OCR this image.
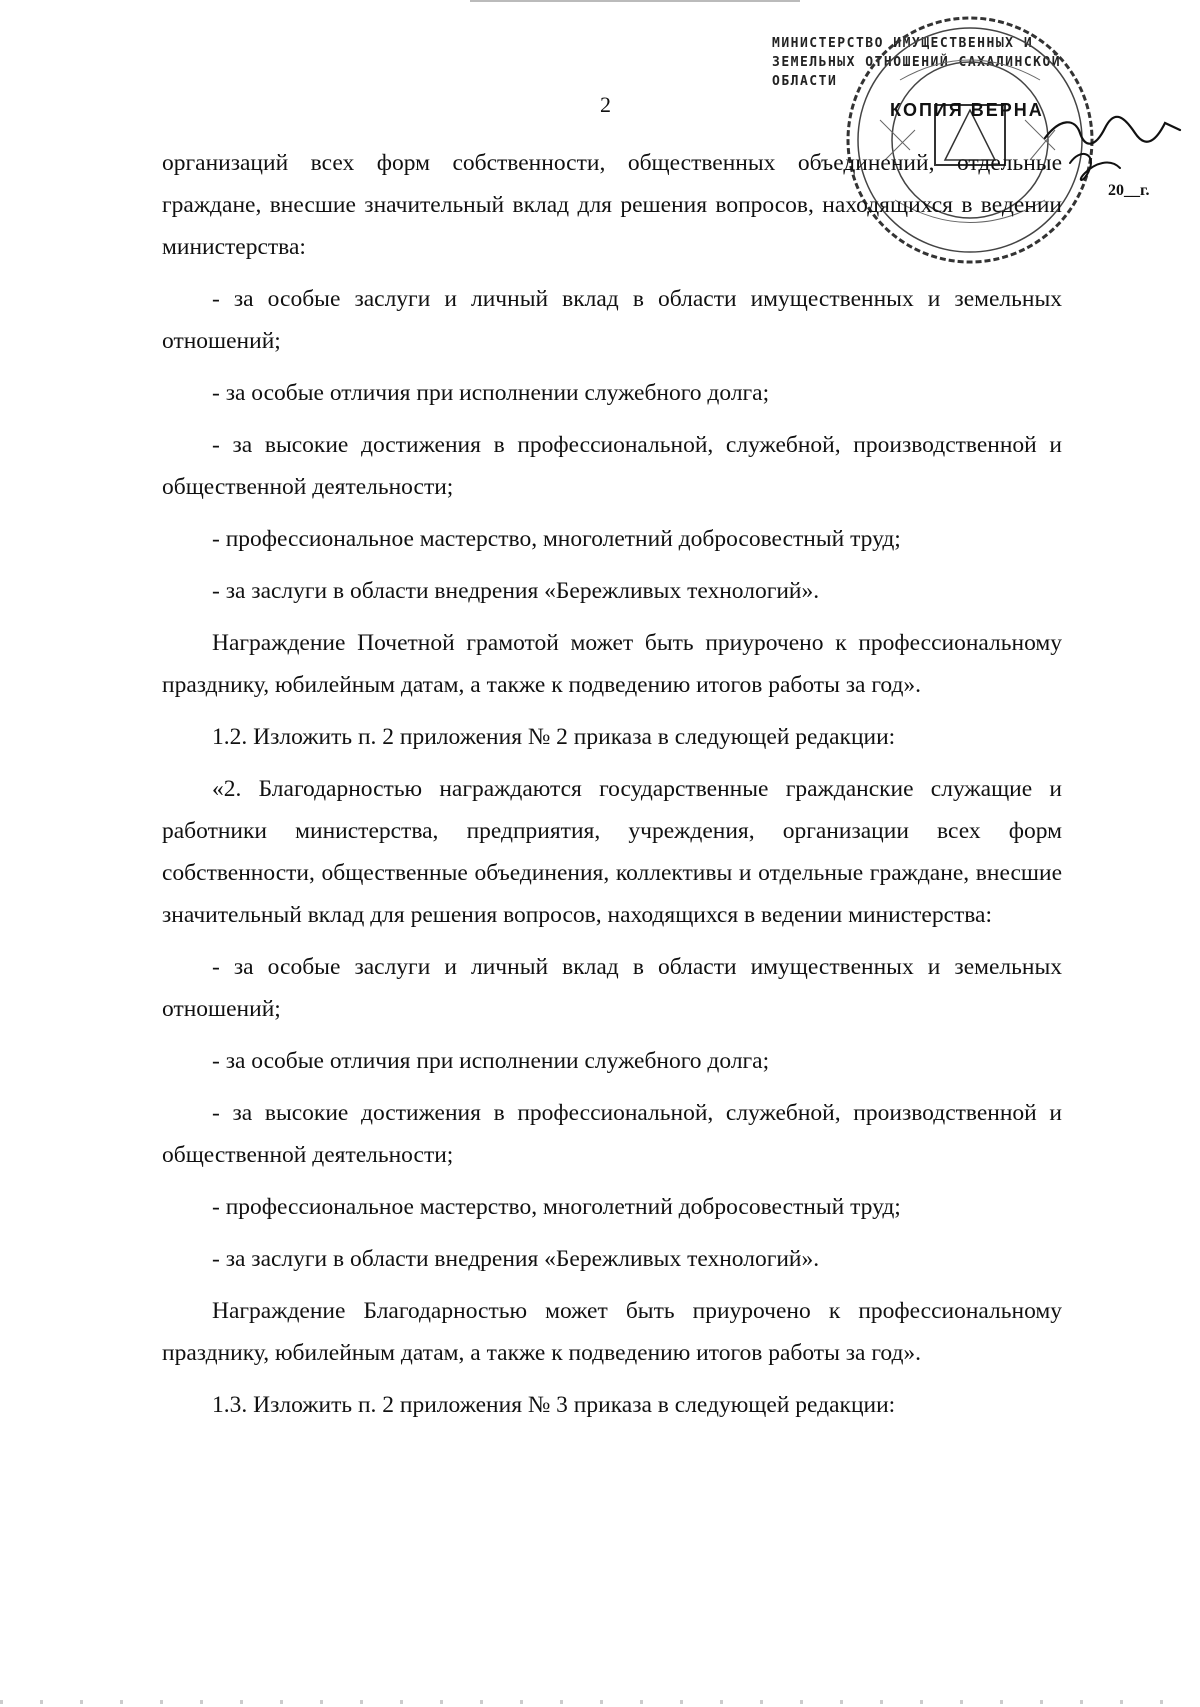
2
МИНИСТЕРСТВО ИМУЩЕСТВЕННЫХ И
ЗЕМЕЛЬНЫХ ОТНОШЕНИЙ САХАЛИНСКОЙ
ОБЛАСТИ
КОПИЯ ВЕРНА
20__г.

организаций всех форм собственности, общественных объединений, отдельные граждане, внесшие значительный вклад для решения вопросов, находящихся в ведении министерства:

- за особые заслуги и личный вклад в области имущественных и земельных отношений;

- за особые отличия при исполнении служебного долга;

- за высокие достижения в профессиональной, служебной, производственной и общественной деятельности;

- профессиональное мастерство, многолетний добросовестный труд;

- за заслуги в области внедрения «Бережливых технологий».

Награждение Почетной грамотой может быть приурочено к профессиональному празднику, юбилейным датам, а также к подведению итогов работы за год».

1.2. Изложить п. 2 приложения № 2 приказа в следующей редакции:

«2. Благодарностью награждаются государственные гражданские служащие и работники министерства, предприятия, учреждения, организации всех форм собственности, общественные объединения, коллективы и отдельные граждане, внесшие значительный вклад для решения вопросов, находящихся в ведении министерства:

- за особые заслуги и личный вклад в области имущественных и земельных отношений;

- за особые отличия при исполнении служебного долга;

- за высокие достижения в профессиональной, служебной, производственной и общественной деятельности;

- профессиональное мастерство, многолетний добросовестный труд;

- за заслуги в области внедрения «Бережливых технологий».

Награждение Благодарностью может быть приурочено к профессиональному празднику, юбилейным датам, а также к подведению итогов работы за год».

1.3. Изложить п. 2 приложения № 3 приказа в следующей редакции:
